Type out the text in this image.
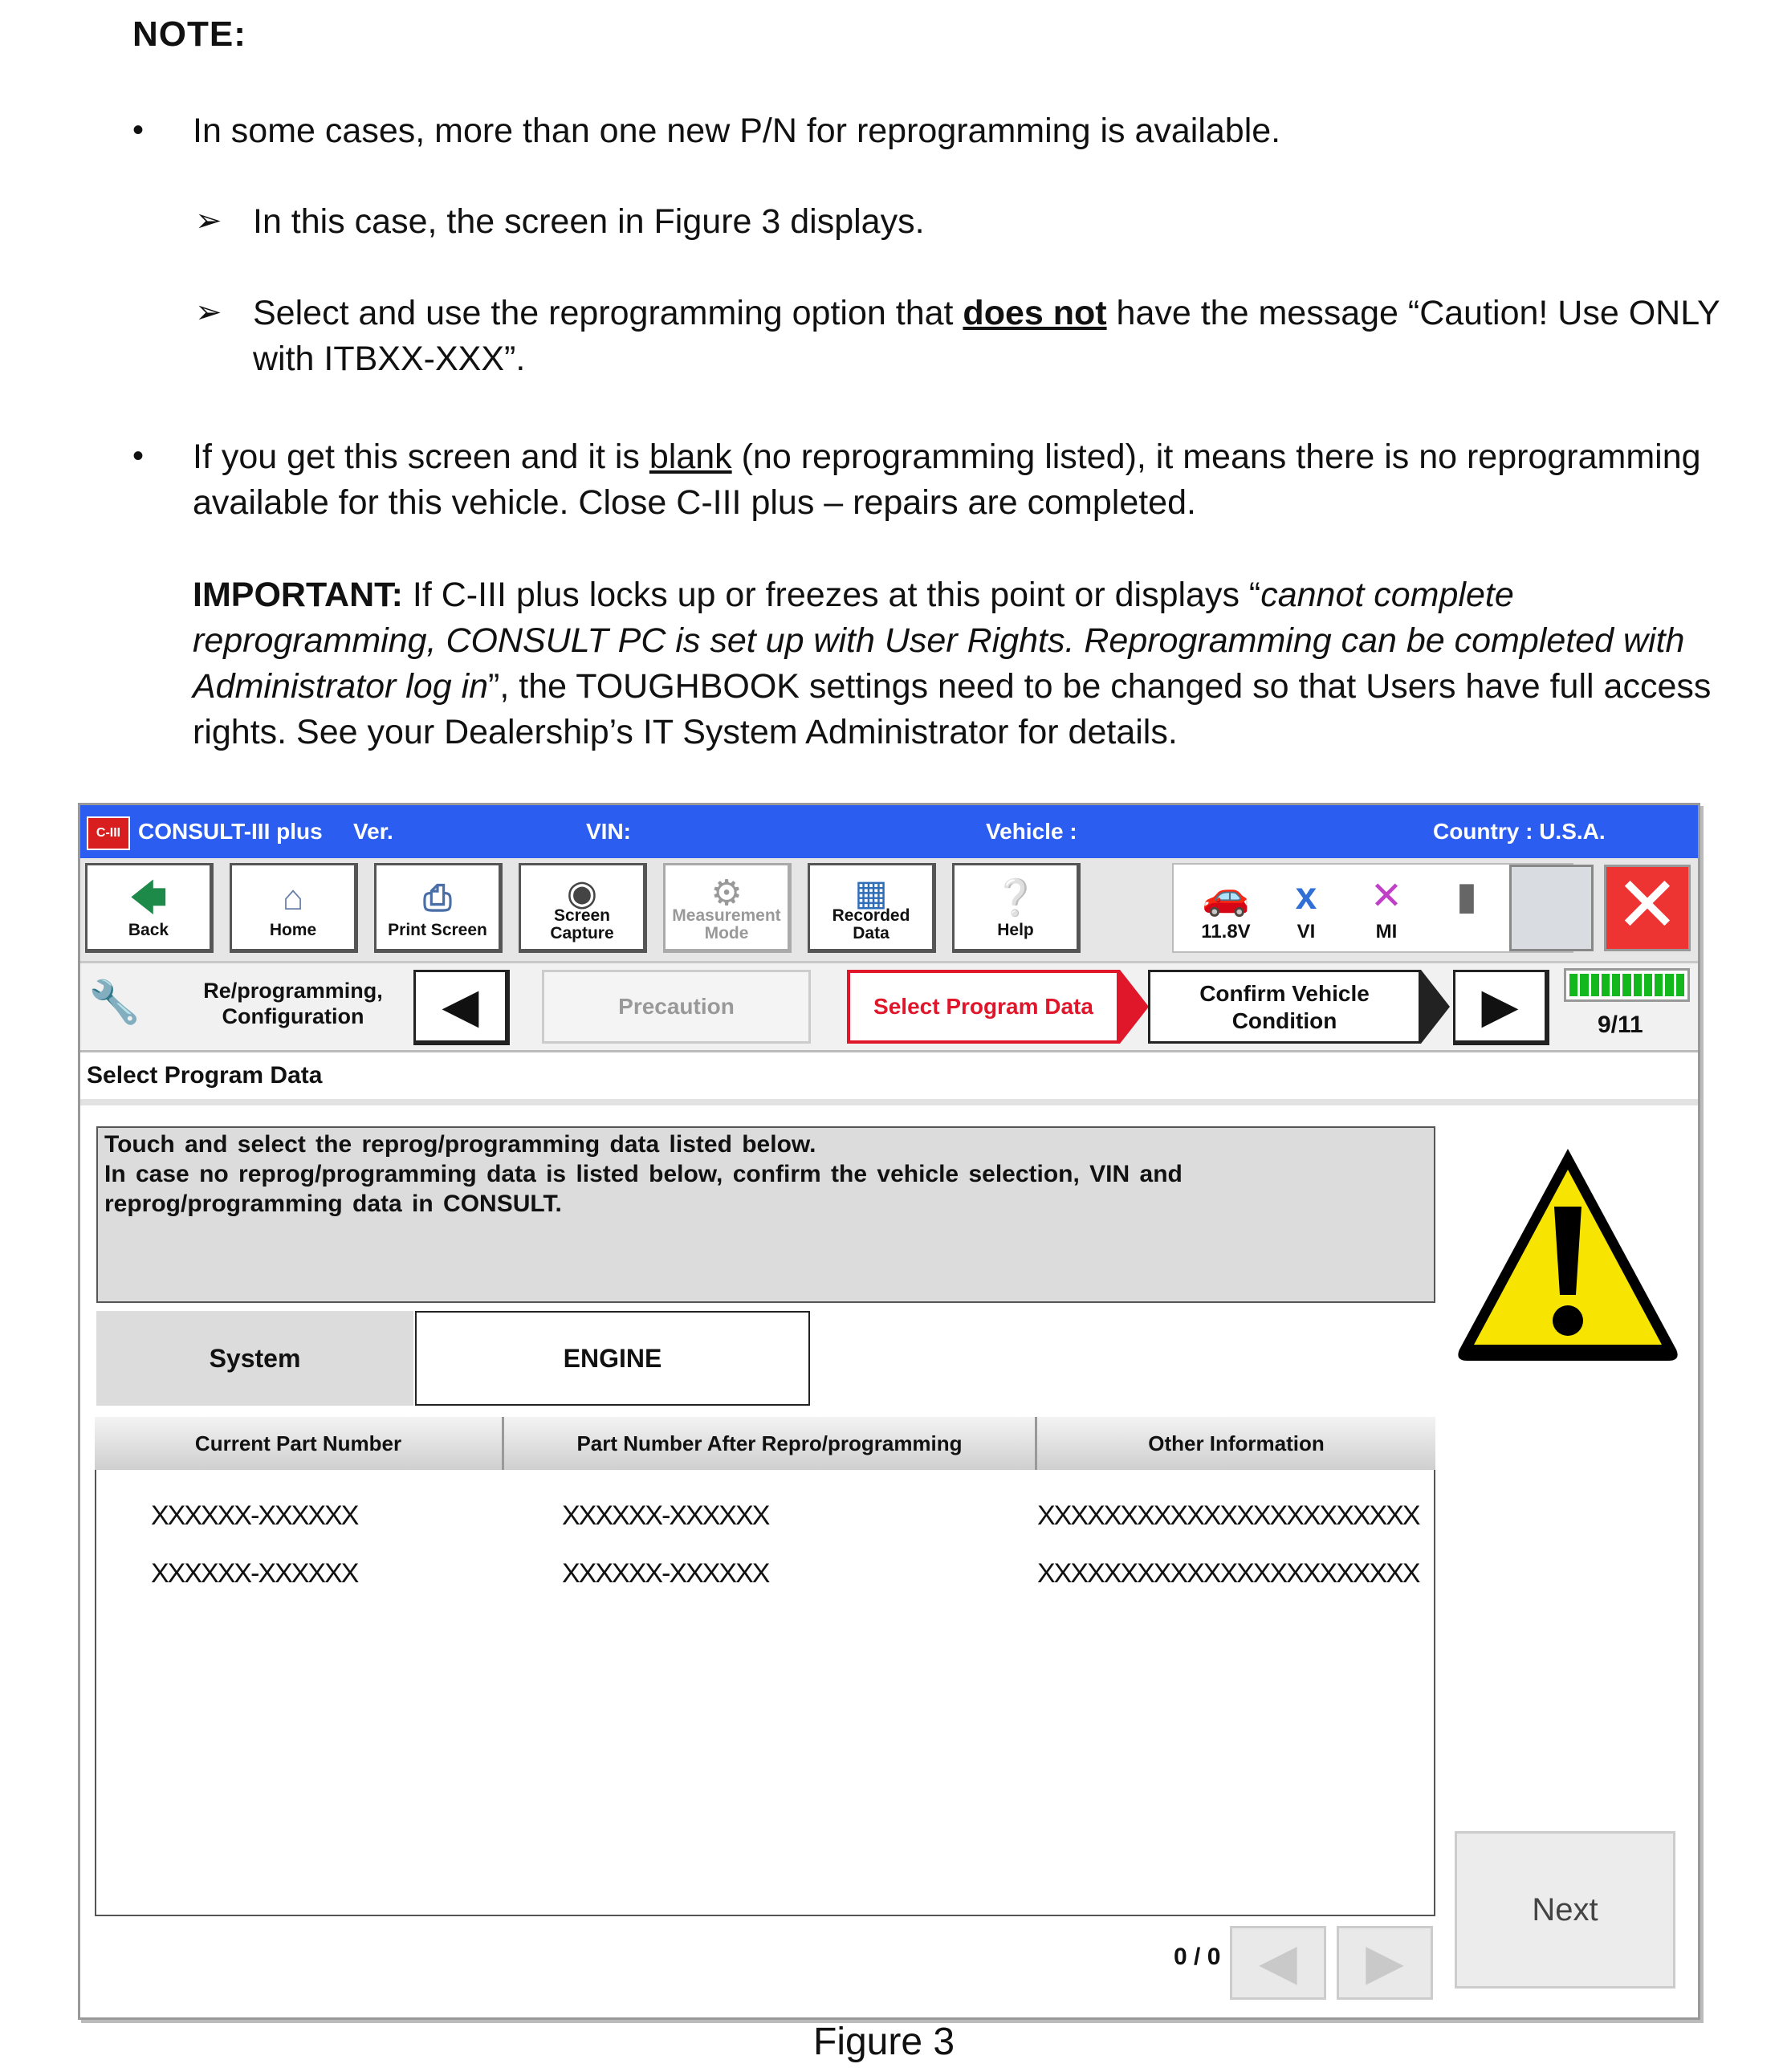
NOTE:
• In some cases, more than one new P/N for reprogramming is available.
➢ In this case, the screen in Figure 3 displays.
➢ Select and use the reprogramming option that does not have the message “Caution! Use ONLY
with ITBXX-XXX”.
• If you get this screen and it is blank (no reprogramming listed), it means there is no reprogramming
available for this vehicle. Close C-III plus – repairs are completed.
IMPORTANT: If C-III plus locks up or freezes at this point or displays “cannot complete
reprogramming, CONSULT PC is set up with User Rights. Reprogramming can be completed with
Administrator log in”, the TOUGHBOOK settings need to be changed so that Users have full access
rights. See your Dealership’s IT System Administrator for details.
C-III CONSULT-III plus Ver.	VIN:	Vehicle :	Country : U.S.A.
🡄
Back
⌂
Home
⎙
Print Screen
◉
Screen
Capture
⚙
Measurement
Mode
▦
Recorded
Data
❔
Help
🚗
11.8V
x
VI
✕
MI
▮	✕
🔧	Re/programming,
Configuration	◀	Precaution	Select Program Data
Confirm Vehicle
Condition	▶	9/11
Select Program Data
Touch and select the reprog/programming data listed below.
In case no reprog/programming data is listed below, confirm the vehicle selection, VIN and
reprog/programming data in CONSULT.
System	ENGINE
Current Part Number	Part Number After Repro/programming	Other Information
XXXXXX-XXXXXX	XXXXXX-XXXXXX	XXXXXXXXXXXXXXXXXXXXXXX
XXXXXX-XXXXXX	XXXXXX-XXXXXX	XXXXXXXXXXXXXXXXXXXXXXX
0 / 0 ◀	▶
Next
Figure 3
